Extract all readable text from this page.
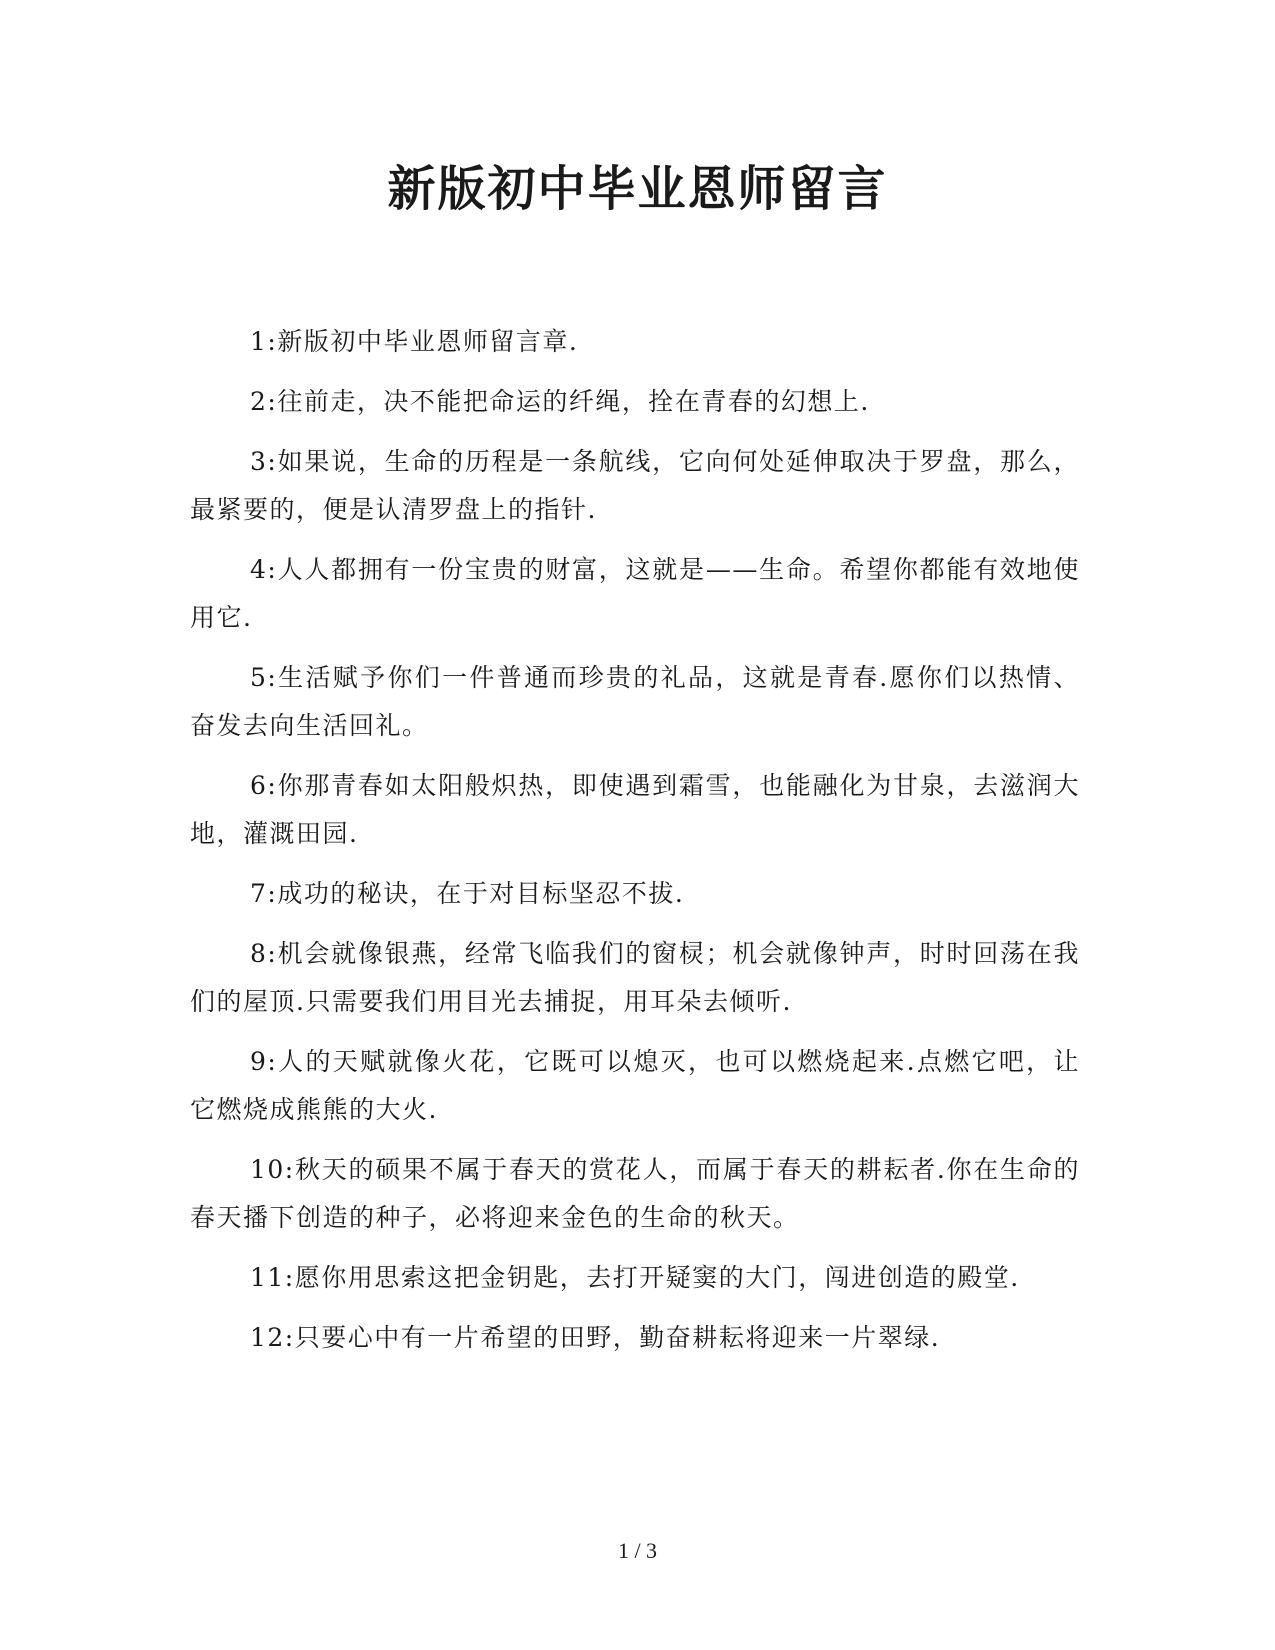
新版初中毕业恩师留言

1:新版初中毕业恩师留言章.

2:往前走，决不能把命运的纤绳，拴在青春的幻想上.

3:如果说，生命的历程是一条航线，它向何处延伸取决于罗盘，那么，最紧要的，便是认清罗盘上的指针.

4:人人都拥有一份宝贵的财富，这就是——生命。希望你都能有效地使用它.

5:生活赋予你们一件普通而珍贵的礼品，这就是青春.愿你们以热情、奋发去向生活回礼。

6:你那青春如太阳般炽热，即使遇到霜雪，也能融化为甘泉，去滋润大地，灌溉田园.

7:成功的秘诀，在于对目标坚忍不拔.

8:机会就像银燕，经常飞临我们的窗棂；机会就像钟声，时时回荡在我们的屋顶.只需要我们用目光去捕捉，用耳朵去倾听.

9:人的天赋就像火花，它既可以熄灭，也可以燃烧起来.点燃它吧，让它燃烧成熊熊的大火.

10:秋天的硕果不属于春天的赏花人，而属于春天的耕耘者.你在生命的春天播下创造的种子，必将迎来金色的生命的秋天。

11:愿你用思索这把金钥匙，去打开疑窦的大门，闯进创造的殿堂.

12:只要心中有一片希望的田野，勤奋耕耘将迎来一片翠绿.

1 / 3
